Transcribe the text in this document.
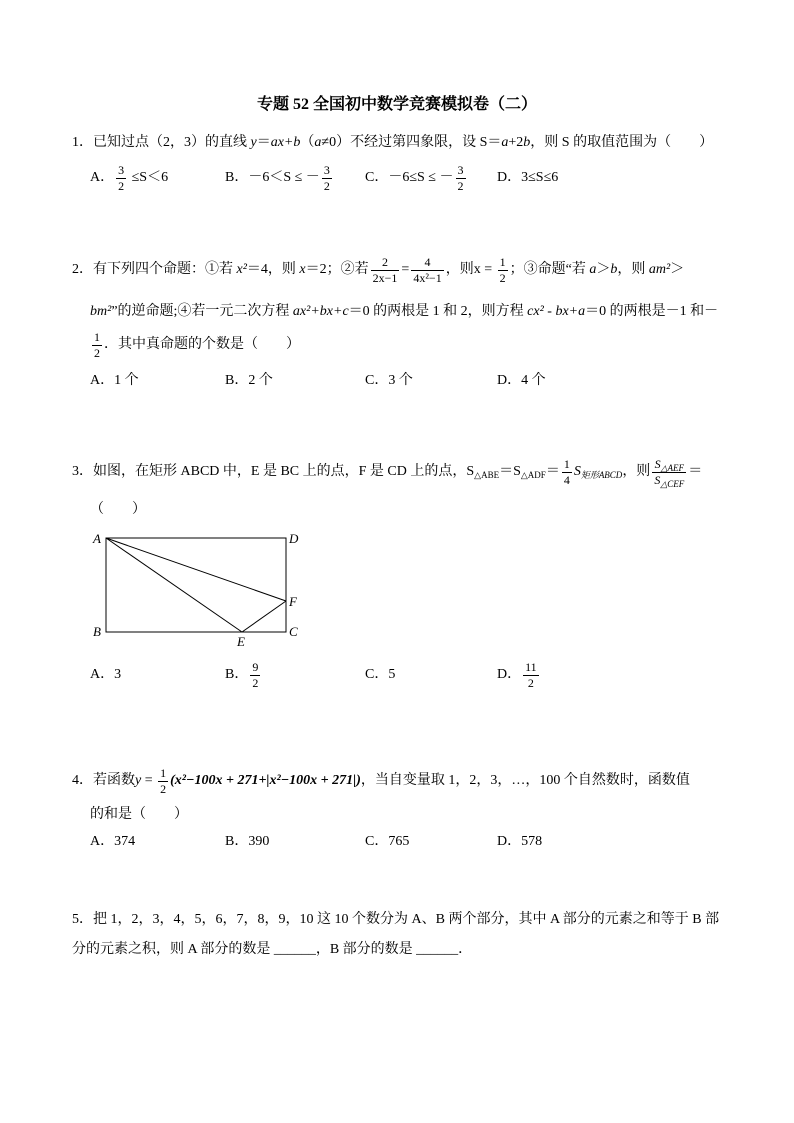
专题 52 全国初中数学竞赛模拟卷（二）
1． 已知过点（2，3）的直线 y ＝ ax+b （ a ≠0）不经过第四象限，设 S＝ a +2 b ，则 S 的取值范围为（　　）
A． $\frac{3}{2} \le S<6$	B．－6＜S ≤ － $\frac{3}{2}$ C．－6≤S ≤ － $\frac{3}{2}$ D．3≤S≤6
2． 有下列四个命题：①若 x² ＝4，则 x ＝2；②若 $\frac{2}{2x-1} = \frac{4}{\text{4x²−1}}$ ，则$x = \frac{1}{2}$ ；③命题“若 a ＞ b ，则 am² ＞
bm² ”的逆命题;④若一元二次方程 ax²+bx+c ＝0 的两根是 1 和 2，则方程 cx² - bx+a ＝0 的两根是－1 和－
$\frac{1}{2}$ ．其中真命题的个数是（　　）
A．1 个	B．2 个	C．3 个	D．4 个
3． 如图，在矩形 ABCD 中，E 是 BC 上的点，F 是 CD 上的点，$S_{\triangle ABE} =S_{\triangle ADF} = \frac{1}{4} S_{矩形ABCD}$ ，则 $\frac{S_{\triangle AEF}}{S_{\triangle CEF}}$ ＝
（　　）
A	D
B	C
E
F
A．3	B． $\frac{9}{2}$	C．5	D． $\frac{11}{2}$
4． 若函数 $y = \frac{1}{2} (x^2-100x + 271+|x^2-100x + 271|)$ ，当自变量取 1，2，3，…，100 个自然数时，函数值
的和是（　　）
A．374	B．390	C．765	D．578
5． 把 1，2，3，4，5，6，7，8，9，10 这 10 个数分为 A、B 两个部分，其中 A 部分的元素之和等于 B 部
分的元素之积，则 A 部分的数是 ______，B 部分的数是 ______．
